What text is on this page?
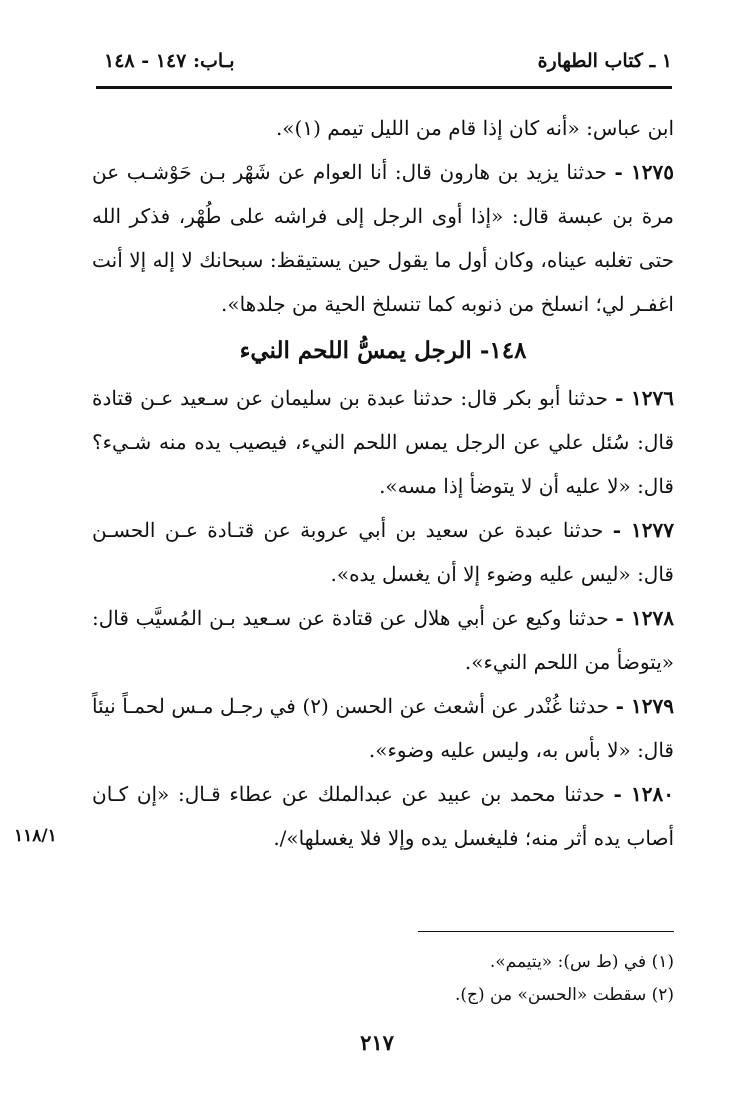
١ ـ كتاب الطهارة
بـاب: ١٤٧ - ١٤٨

ابن عباس: «أنه كان إذا قام من الليل تيمم (١)».

١٢٧٥ - حدثنا يزيد بن هارون قال: أنا العوام عن شَهْر بـن حَوْشـب عن مرة بن عبسة قال: «إذا أوى الرجل إلى فراشه على طُهْر، فذكر الله حتى تغلبه عيناه، وكان أول ما يقول حين يستيقظ: سبحانك لا إله إلا أنت اغفـر لي؛ انسلخ من ذنوبه كما تنسلخ الحية من جلدها».

١٤٨- الرجل يمسُّ اللحم النيء

١٢٧٦ - حدثنا أبو بكر قال: حدثنا عبدة بن سليمان عن سـعيد عـن قتادة قال: سُئل علي عن الرجل يمس اللحم النيء، فيصيب يده منه شـيء؟ قال: «لا عليه أن لا يتوضأ إذا مسه».

١٢٧٧ - حدثنا عبدة عن سعيد بن أبي عروبة عن قتـادة عـن الحسـن قال: «ليس عليه وضوء إلا أن يغسل يده».

١٢٧٨ - حدثنا وكيع عن أبي هلال عن قتادة عن سـعيد بـن المُسيَّب قال: «يتوضأ من اللحم النيء».

١٢٧٩ - حدثنا غُنْدر عن أشعث عن الحسن (٢) في رجـل مـس لحمـاً نيئاً قال: «لا بأس به، وليس عليه وضوء».

١٢٨٠ - حدثنا محمد بن عبيد عن عبدالملك عن عطاء قـال: «إن كـان أصاب يده أثر منه؛ فليغسل يده وإلا فلا يغسلها»/.

١١٨/١

(١) في (ط س): «يتيمم».

(٢) سقطت «الحسن» من (ج).

٢١٧
